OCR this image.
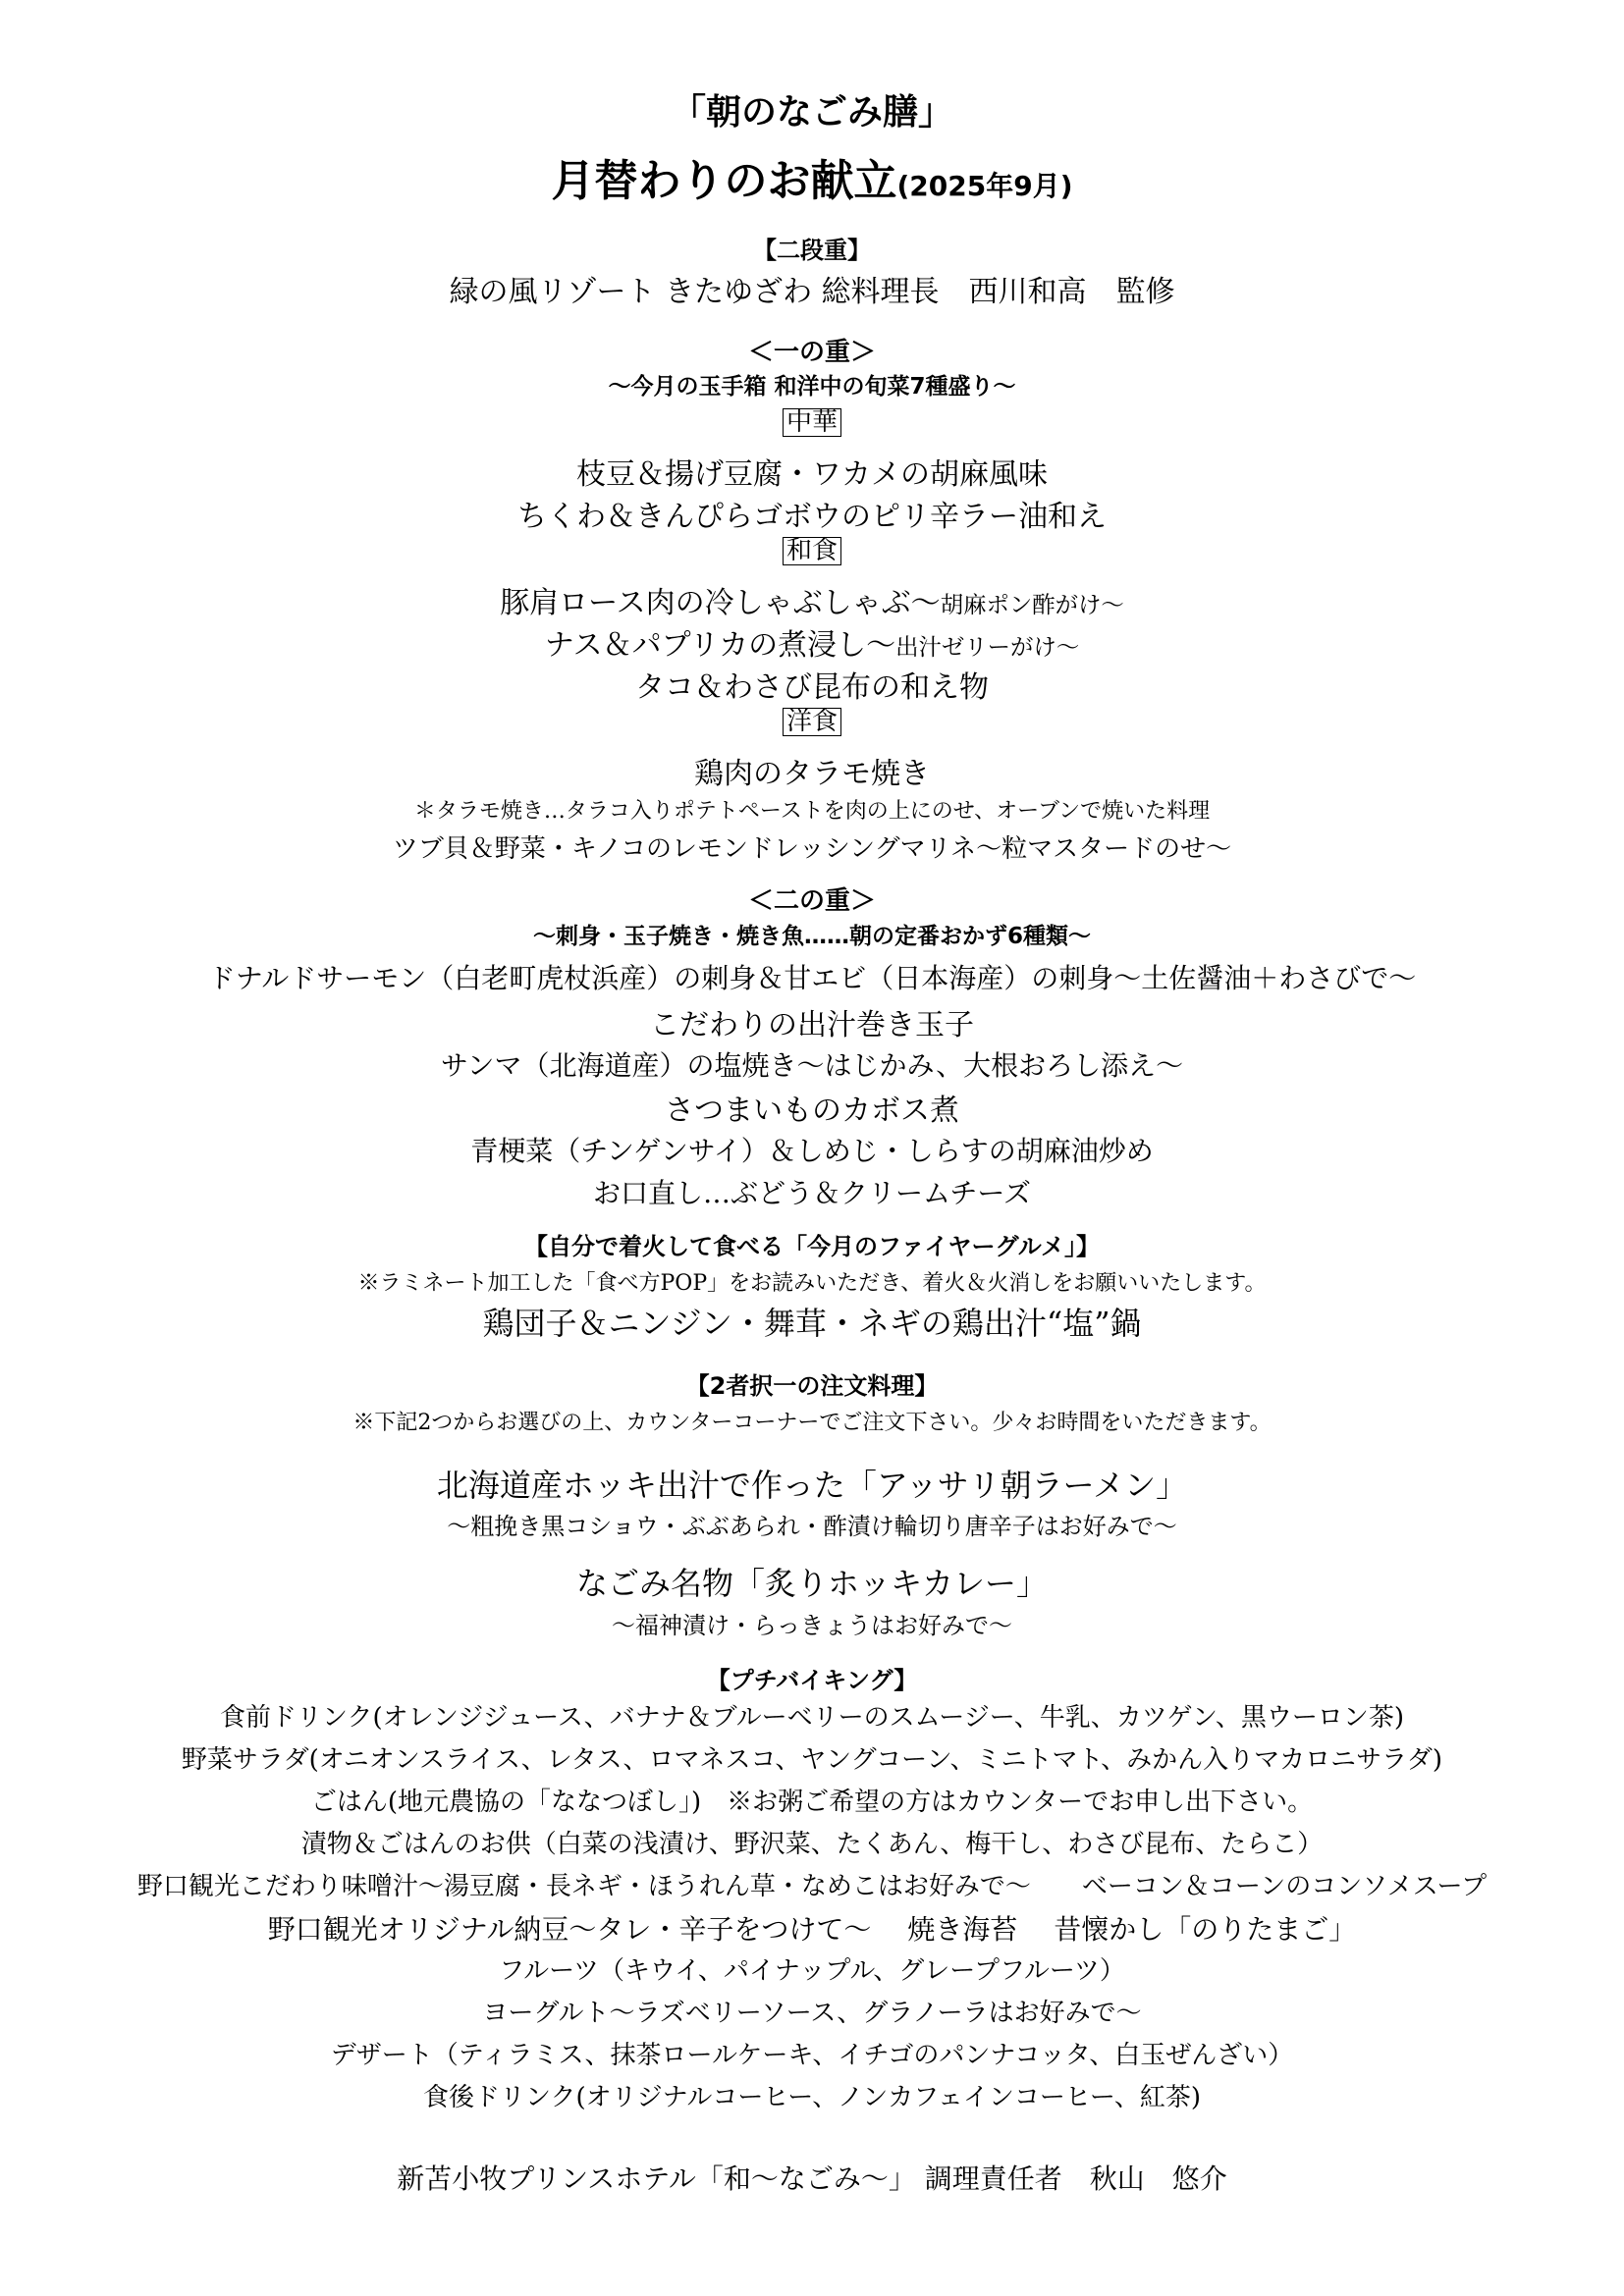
「朝のなごみ膳」
月替わりのお献立(2025年9月)
【二段重】
緑の風リゾート きたゆざわ 総料理長　西川和高　監修
＜一の重＞
～今月の玉手箱 和洋中の旬菜7種盛り～
中華
枝豆＆揚げ豆腐・ワカメの胡麻風味
ちくわ＆きんぴらゴボウのピリ辛ラー油和え
和食
豚肩ロース肉の冷しゃぶしゃぶ～胡麻ポン酢がけ～
ナス＆パプリカの煮浸し～出汁ゼリーがけ～
タコ＆わさび昆布の和え物
洋食
鶏肉のタラモ焼き
＊タラモ焼き…タラコ入りポテトペーストを肉の上にのせ、オーブンで焼いた料理
ツブ貝＆野菜・キノコのレモンドレッシングマリネ～粒マスタードのせ～
＜二の重＞
～刺身・玉子焼き・焼き魚……朝の定番おかず6種類～
ドナルドサーモン（白老町虎杖浜産）の刺身＆甘エビ（日本海産）の刺身～土佐醤油＋わさびで～
こだわりの出汁巻き玉子
サンマ（北海道産）の塩焼き～はじかみ、大根おろし添え～
さつまいものカボス煮
青梗菜（チンゲンサイ）＆しめじ・しらすの胡麻油炒め
お口直し…ぶどう＆クリームチーズ
【自分で着火して食べる「今月のファイヤーグルメ」】
※ラミネート加工した「食べ方POP」をお読みいただき、着火＆火消しをお願いいたします。
鶏団子＆ニンジン・舞茸・ネギの鶏出汁“塩”鍋
【2者択一の注文料理】
※下記2つからお選びの上、カウンターコーナーでご注文下さい。少々お時間をいただきます。
北海道産ホッキ出汁で作った「アッサリ朝ラーメン」
～粗挽き黒コショウ・ぶぶあられ・酢漬け輪切り唐辛子はお好みで～
なごみ名物「炙りホッキカレー」
～福神漬け・らっきょうはお好みで～
【プチバイキング】
食前ドリンク(オレンジジュース、バナナ＆ブルーベリーのスムージー、牛乳、カツゲン、黒ウーロン茶)
野菜サラダ(オニオンスライス、レタス、ロマネスコ、ヤングコーン、ミニトマト、みかん入りマカロニサラダ)
ごはん(地元農協の「ななつぼし」)　※お粥ご希望の方はカウンターでお申し出下さい。
漬物＆ごはんのお供（白菜の浅漬け、野沢菜、たくあん、梅干し、わさび昆布、たらこ）
野口観光こだわり味噌汁～湯豆腐・長ネギ・ほうれん草・なめこはお好みで～　　ベーコン＆コーンのコンソメスープ
野口観光オリジナル納豆～タレ・辛子をつけて～　 焼き海苔　 昔懐かし「のりたまご」
フルーツ（キウイ、パイナップル、グレープフルーツ）
ヨーグルト～ラズベリーソース、グラノーラはお好みで～
デザート（ティラミス、抹茶ロールケーキ、イチゴのパンナコッタ、白玉ぜんざい）
食後ドリンク(オリジナルコーヒー、ノンカフェインコーヒー、紅茶)
新苫小牧プリンスホテル「和～なごみ～」 調理責任者　秋山　悠介
